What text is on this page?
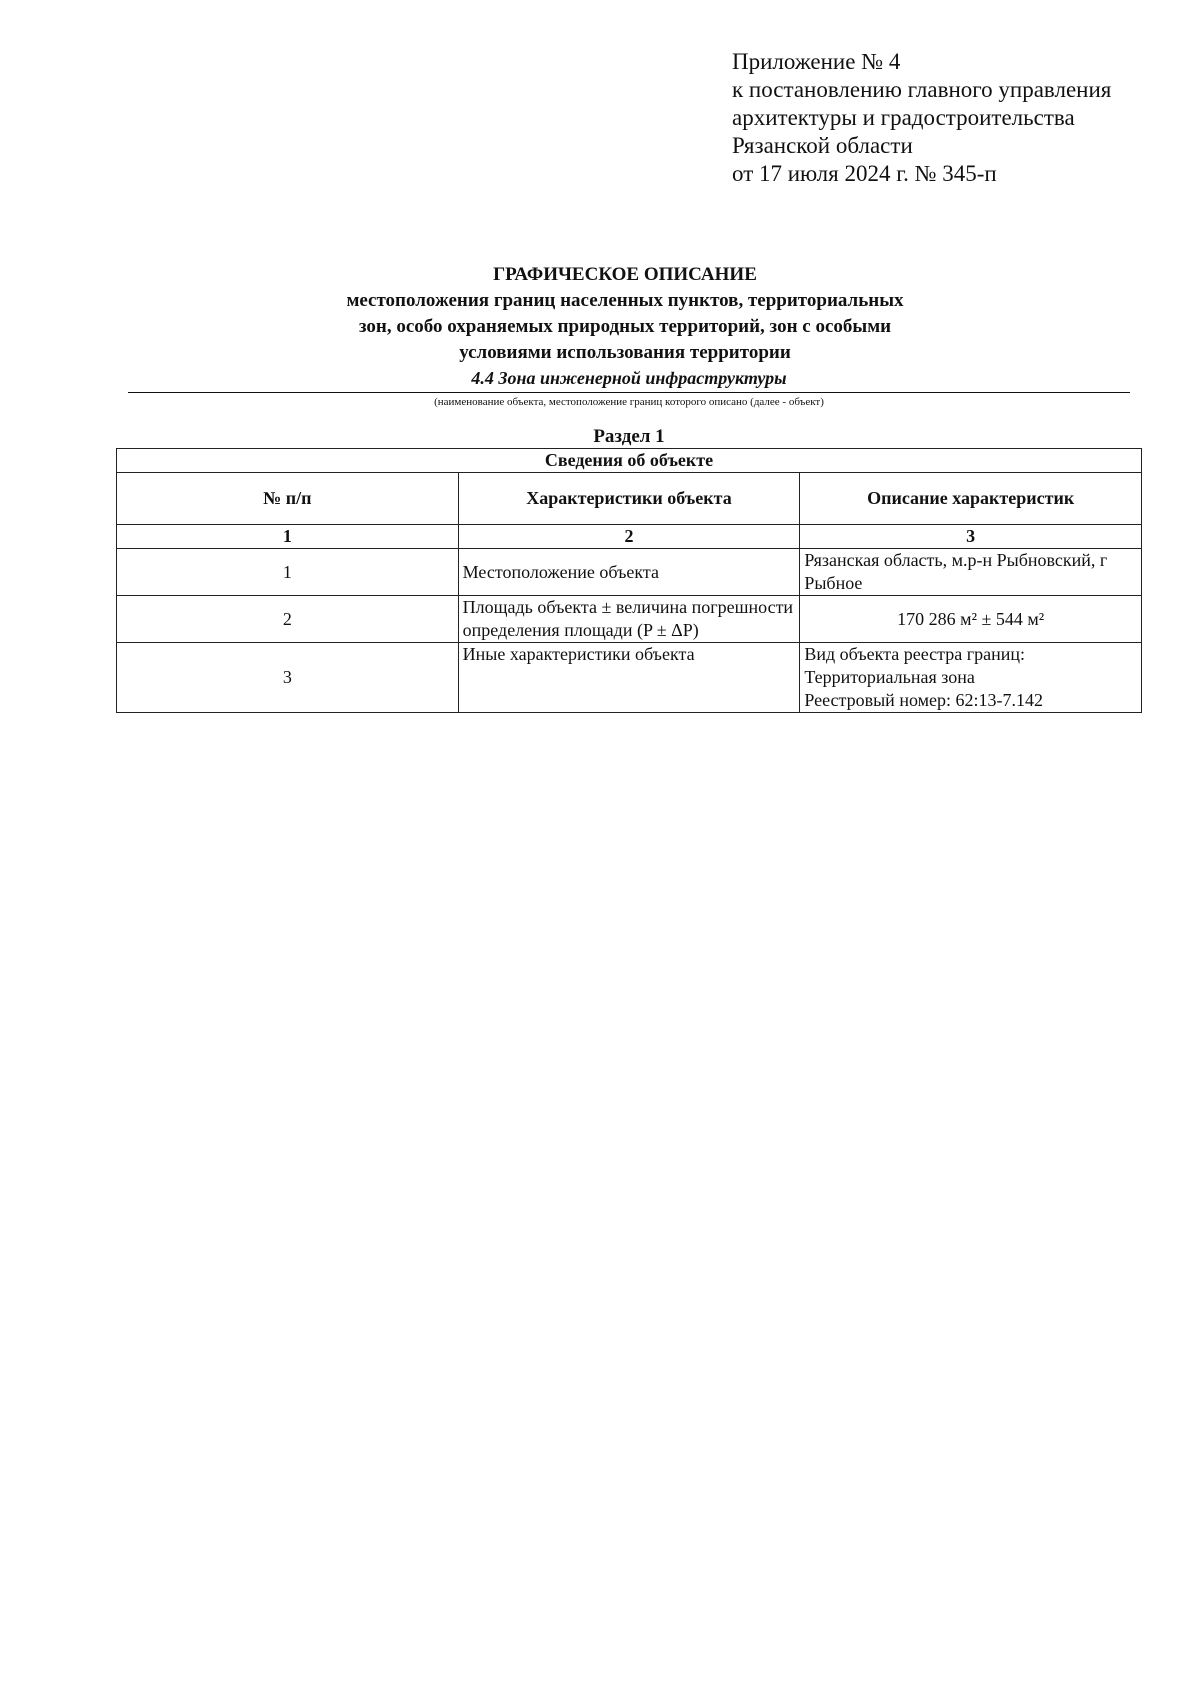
Приложение № 4
к постановлению главного управления
архитектуры и градостроительства
Рязанской области
от 17 июля 2024 г. № 345-п
ГРАФИЧЕСКОЕ ОПИСАНИЕ
местоположения границ населенных пунктов, территориальных
зон, особо охраняемых природных территорий, зон с особыми
условиями использования территории
4.4 Зона инженерной инфраструктуры
(наименование объекта, местоположение границ которого описано (далее - объект)
Раздел 1
Сведения об объекте		
№ п/п	Характеристики объекта	Описание характеристик
1	2	3
1	Местоположение объекта	Рязанская область, м.р-н Рыбновский, г Рыбное
2	Площадь объекта ± величина погрешности определения площади (P ± ΔP)	170 286 м² ± 544 м²
3	Иные характеристики объекта	Вид объекта реестра границ: Территориальная зона
Реестровый номер: 62:13-7.142
